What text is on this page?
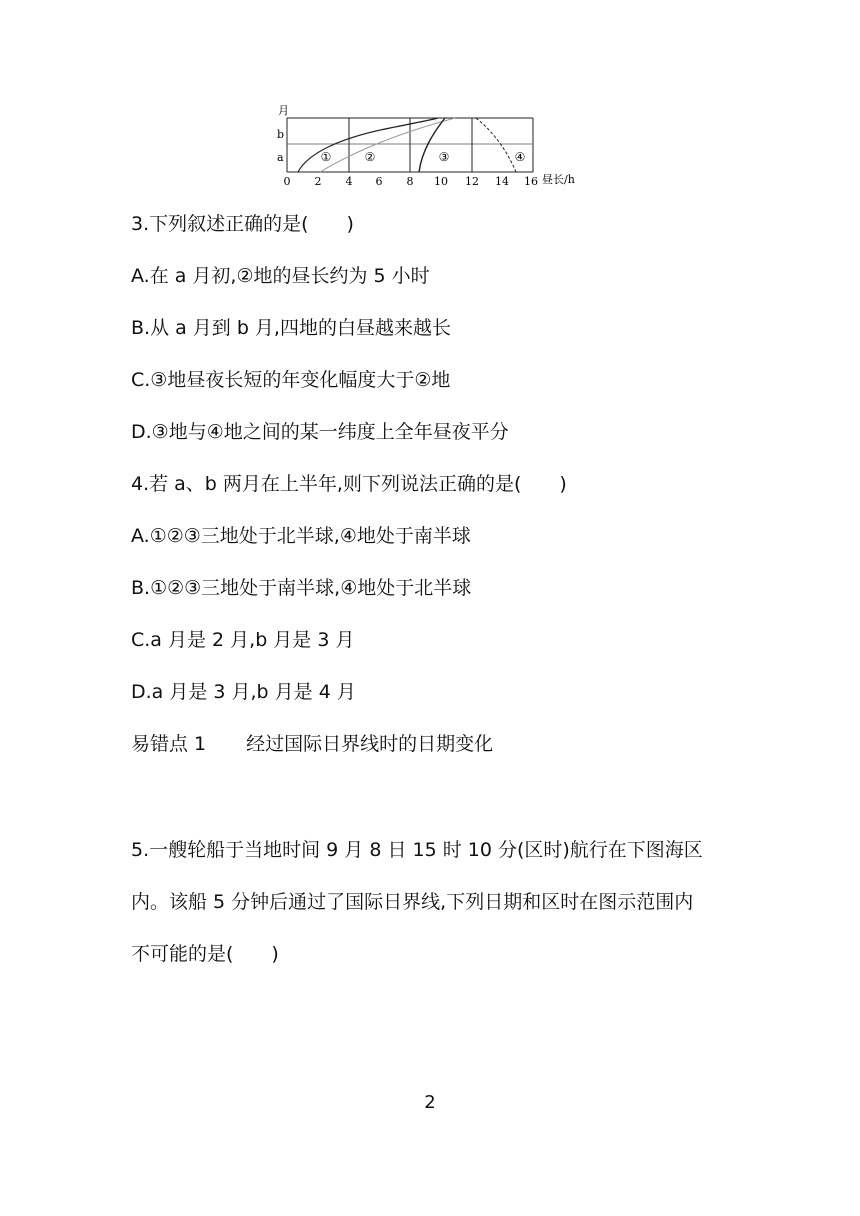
①	②	③	④
月
b
a
0 2 4 6 8 10 12 14 16 昼长/h
3.下列叙述正确的是(　　)
A.在 a 月初,②地的昼长约为 5 小时
B.从 a 月到 b 月,四地的白昼越来越长
C.③地昼夜长短的年变化幅度大于②地
D.③地与④地之间的某一纬度上全年昼夜平分
4.若 a、b 两月在上半年,则下列说法正确的是(　　)
A.①②③三地处于北半球,④地处于南半球
B.①②③三地处于南半球,④地处于北半球
C.a 月是 2 月,b 月是 3 月
D.a 月是 3 月,b 月是 4 月
易错点 1 经过国际日界线时的日期变化
5.一艘轮船于当地时间 9 月 8 日 15 时 10 分(区时)航行在下图海区
内。该船 5 分钟后通过了国际日界线,下列日期和区时在图示范围内
不可能的是(　　)
2
